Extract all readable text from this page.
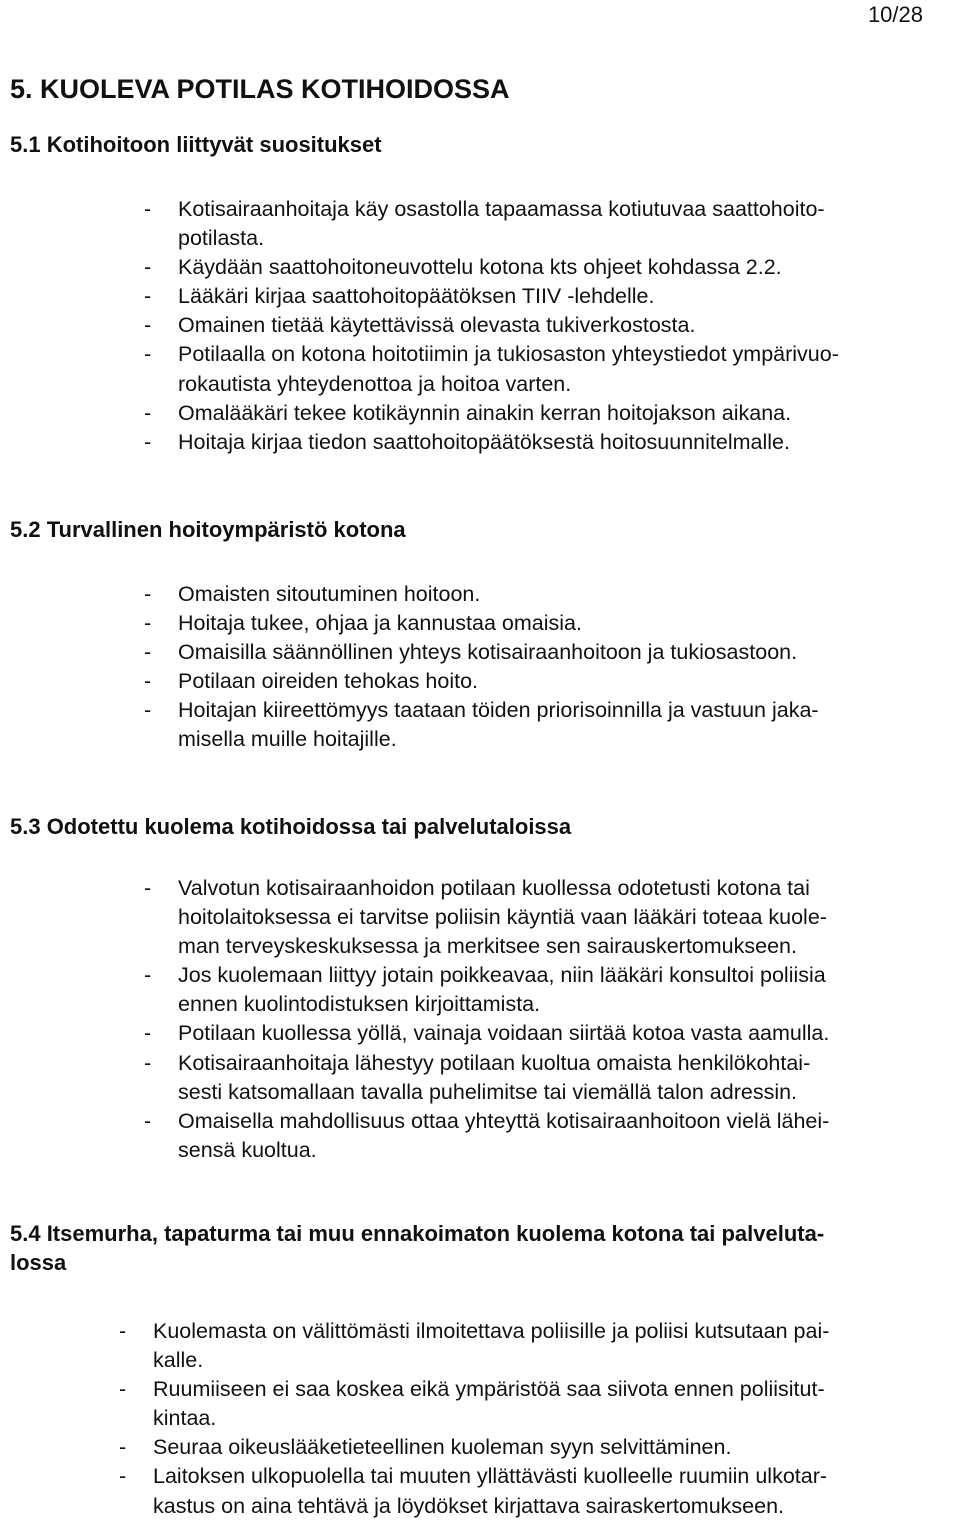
10/28
5. KUOLEVA POTILAS KOTIHOIDOSSA
5.1 Kotihoitoon liittyvät suositukset
- Kotisairaanhoitaja käy osastolla tapaamassa kotiutuvaa saattohoito-
potilasta.
- Käydään saattohoitoneuvottelu kotona kts ohjeet kohdassa 2.2.
- Lääkäri kirjaa saattohoitopäätöksen TIIV -lehdelle.
- Omainen tietää käytettävissä olevasta tukiverkostosta.
- Potilaalla on kotona hoitotiimin ja tukiosaston yhteystiedot ympärivuo-
rokautista yhteydenottoa ja hoitoa varten.
- Omalääkäri tekee kotikäynnin ainakin kerran hoitojakson aikana.
- Hoitaja kirjaa tiedon saattohoitopäätöksestä hoitosuunnitelmalle.
5.2 Turvallinen hoitoympäristö kotona
- Omaisten sitoutuminen hoitoon.
- Hoitaja tukee, ohjaa ja kannustaa omaisia.
- Omaisilla säännöllinen yhteys kotisairaanhoitoon ja tukiosastoon.
- Potilaan oireiden tehokas hoito.
- Hoitajan kiireettömyys taataan töiden priorisoinnilla ja vastuun jaka-
misella muille hoitajille.
5.3 Odotettu kuolema kotihoidossa tai palvelutaloissa
- Valvotun kotisairaanhoidon potilaan kuollessa odotetusti kotona tai
hoitolaitoksessa ei tarvitse poliisin käyntiä vaan lääkäri toteaa kuole-
man terveyskeskuksessa ja merkitsee sen sairauskertomukseen.
- Jos kuolemaan liittyy jotain poikkeavaa, niin lääkäri konsultoi poliisia
ennen kuolintodistuksen kirjoittamista.
- Potilaan kuollessa yöllä, vainaja voidaan siirtää kotoa vasta aamulla.
- Kotisairaanhoitaja lähestyy potilaan kuoltua omaista henkilökohtai-
sesti katsomallaan tavalla puhelimitse tai viemällä talon adressin.
- Omaisella mahdollisuus ottaa yhteyttä kotisairaanhoitoon vielä lähei-
sensä kuoltua.
5.4 Itsemurha, tapaturma tai muu ennakoimaton kuolema kotona tai palveluta-
lossa
- Kuolemasta on välittömästi ilmoitettava poliisille ja poliisi kutsutaan pai-
kalle.
- Ruumiiseen ei saa koskea eikä ympäristöä saa siivota ennen poliisitut-
kintaa.
- Seuraa oikeuslääketieteellinen kuoleman syyn selvittäminen.
- Laitoksen ulkopuolella tai muuten yllättävästi kuolleelle ruumiin ulkotar-
kastus on aina tehtävä ja löydökset kirjattava sairaskertomukseen.
